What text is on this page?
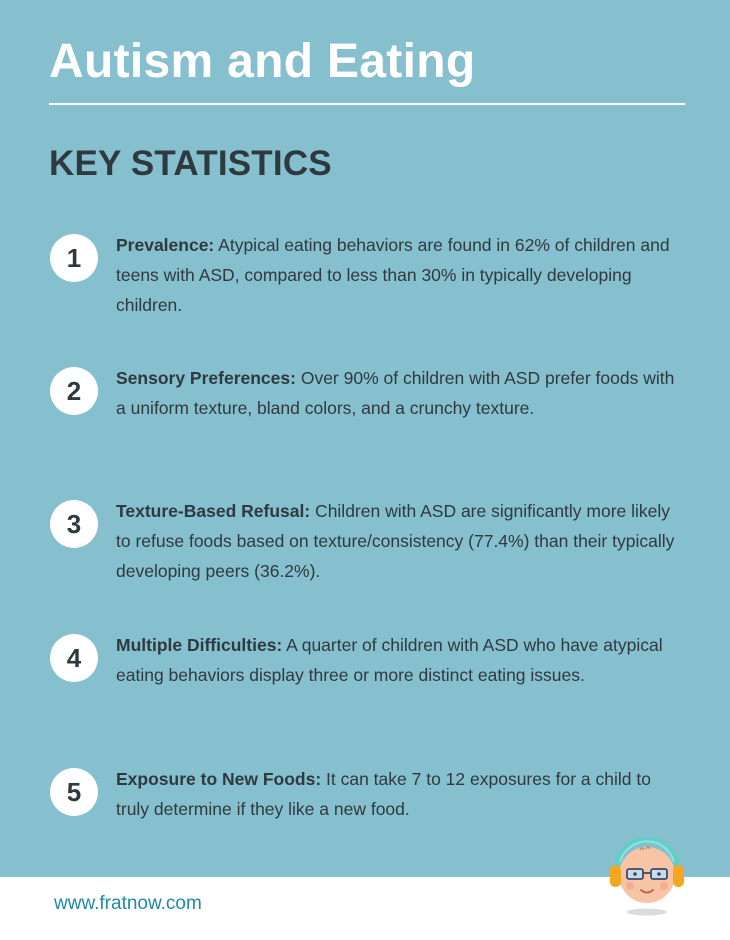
Autism and Eating
KEY STATISTICS
1	Prevalence: Atypical eating behaviors are found in 62% of children and teens with ASD, compared to less than 30% in typically developing children.

2	Sensory Preferences: Over 90% of children with ASD prefer foods with a uniform texture, bland colors, and a crunchy texture.

3	Texture-Based Refusal: Children with ASD are significantly more likely to refuse foods based on texture/consistency (77.4%) than their typically developing peers (36.2%).

4	Multiple Difficulties: A quarter of children with ASD who have atypical eating behaviors display three or more distinct eating issues.

5	Exposure to New Foods: It can take 7 to 12 exposures for a child to truly determine if they like a new food.

www.fratnow.com
